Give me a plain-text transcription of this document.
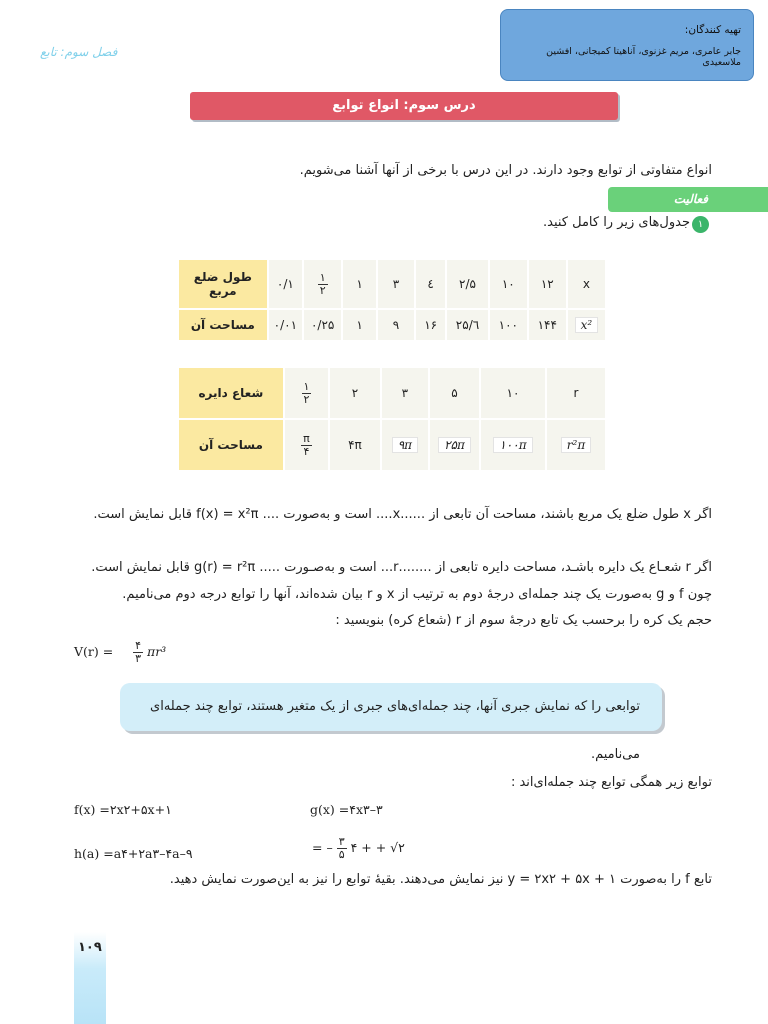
تهیه کنندگان:
جابر عامری، مریم غزنوی، آناهیتا کمیجانی، افشین ملاسعیدی
فصل سوم: تابع
درس سوم: انواع توابع
انواع متفاوتی از توابع وجود دارند. در این درس با برخی از آنها آشنا می‌شویم.
فعالیت
۱
جدول‌های زیر را کامل کنید.
x	۱۲	۱۰	۲/۵	٤	۳	۱	$\frac{۱}{۲}$	۰/۱	طول ضلع مربع
x²	۱۴۴	۱۰۰	٦/۲۵	۱۶	۹	۱	۰/۲۵	۰/۰۱	مساحت آن
r	۱۰	۵	۳	۲	$\frac{۱}{۲}$	شعاع دایره
r²π	۱۰۰π	۲۵π	۹π	۴π	$\frac{\pi}{۴}$	مساحت آن
اگر x طول ضلع یک مربع باشند، مساحت آن تابعی از ......x.... است و به‌صورت .... f(x) = x²π قابل نمایش است.
اگر r شعـاع یک دایره باشـد، مساحت دایره تابعی از ........r... است و به‌صـورت ..... g(r) = r²π قابل نمایش است.
چون f و g به‌صورت یک چند جمله‌ای درجهٔ دوم به ترتیب از x و r بیان شده‌اند، آنها را توابع درجه دوم می‌نامیم.
حجم یک کره را برحسب یک تابع درجهٔ سوم از r (شعاع کره) بنویسید :
$V(r) = \frac{۴}{۳} \pi r^3$
توابعی را که نمایش جبری آنها، چند جمله‌ای‌های جبری از یک متغیر هستند، توابع چند جمله‌ای می‌نامیم.
توابع زیر همگی توابع چند جمله‌ای‌اند :
f(x) =۲x۲+۵x+۱	g(x) =۴x۳–۳
h(a) =a۴+۲a۳–۴a–۹	= – $\frac{۳}{۵}$ ۴ + + √۲
تابع f را به‌صورت y = ۲x۲ + ۵x + ۱ نیز نمایش می‌دهند. بقیهٔ توابع را نیز به این‌صورت نمایش دهید.
۱۰۹
